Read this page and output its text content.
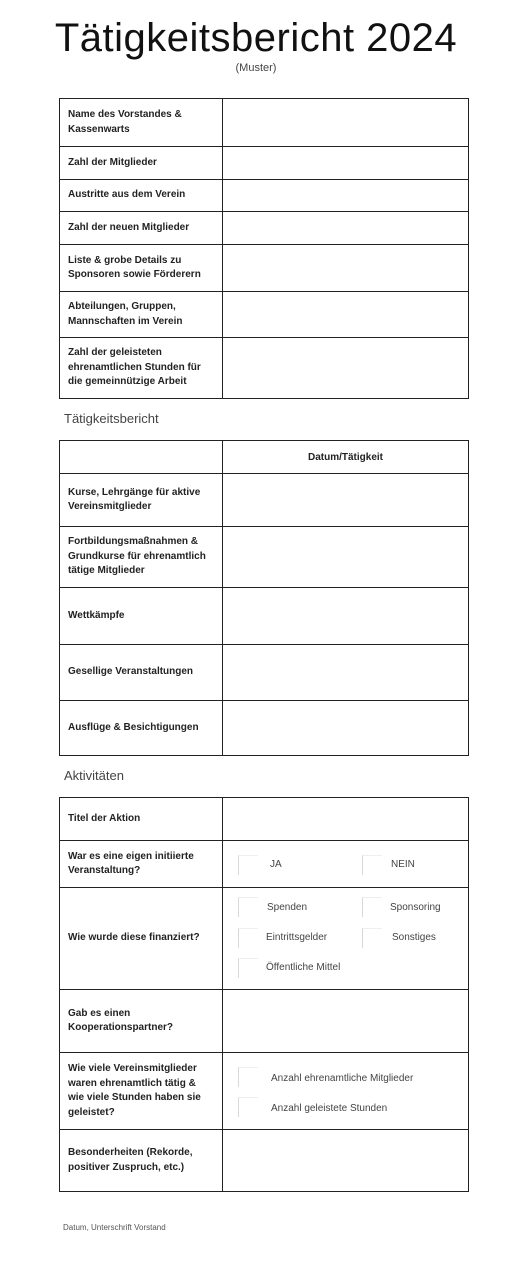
Tätigkeitsbericht 2024
(Muster)
Name des Vorstandes & Kassenwarts	
Zahl der Mitglieder	
Austritte aus dem Verein	
Zahl der neuen Mitglieder	
Liste & grobe Details zu Sponsoren sowie Förderern	
Abteilungen, Gruppen, Mannschaften im Verein	
Zahl der geleisteten ehrenamtlichen Stunden für die gemeinnützige Arbeit	
Tätigkeitsbericht
	Datum/Tätigkeit
Kurse, Lehrgänge für aktive Vereinsmitglieder	
Fortbildungsmaßnahmen & Grundkurse für ehrenamtlich tätige Mitglieder	
Wettkämpfe	
Gesellige Veranstaltungen	
Ausflüge & Besichtigungen	
Aktivitäten
Titel der Aktion	
War es eine eigen initiierte Veranstaltung?	JA NEIN

Wie wurde diese finanziert?	Spenden Sponsoring
Eintrittsgelder Sonstiges
Öffentliche Mittel

Gab es einen Kooperationspartner?	
Wie viele Vereinsmitglieder waren ehrenamtlich tätig & wie viele Stunden haben sie geleistet?	Anzahl ehrenamtliche Mitglieder
Anzahl geleistete Stunden

Besonderheiten (Rekorde, positiver Zuspruch, etc.)	
Datum, Unterschrift Vorstand
